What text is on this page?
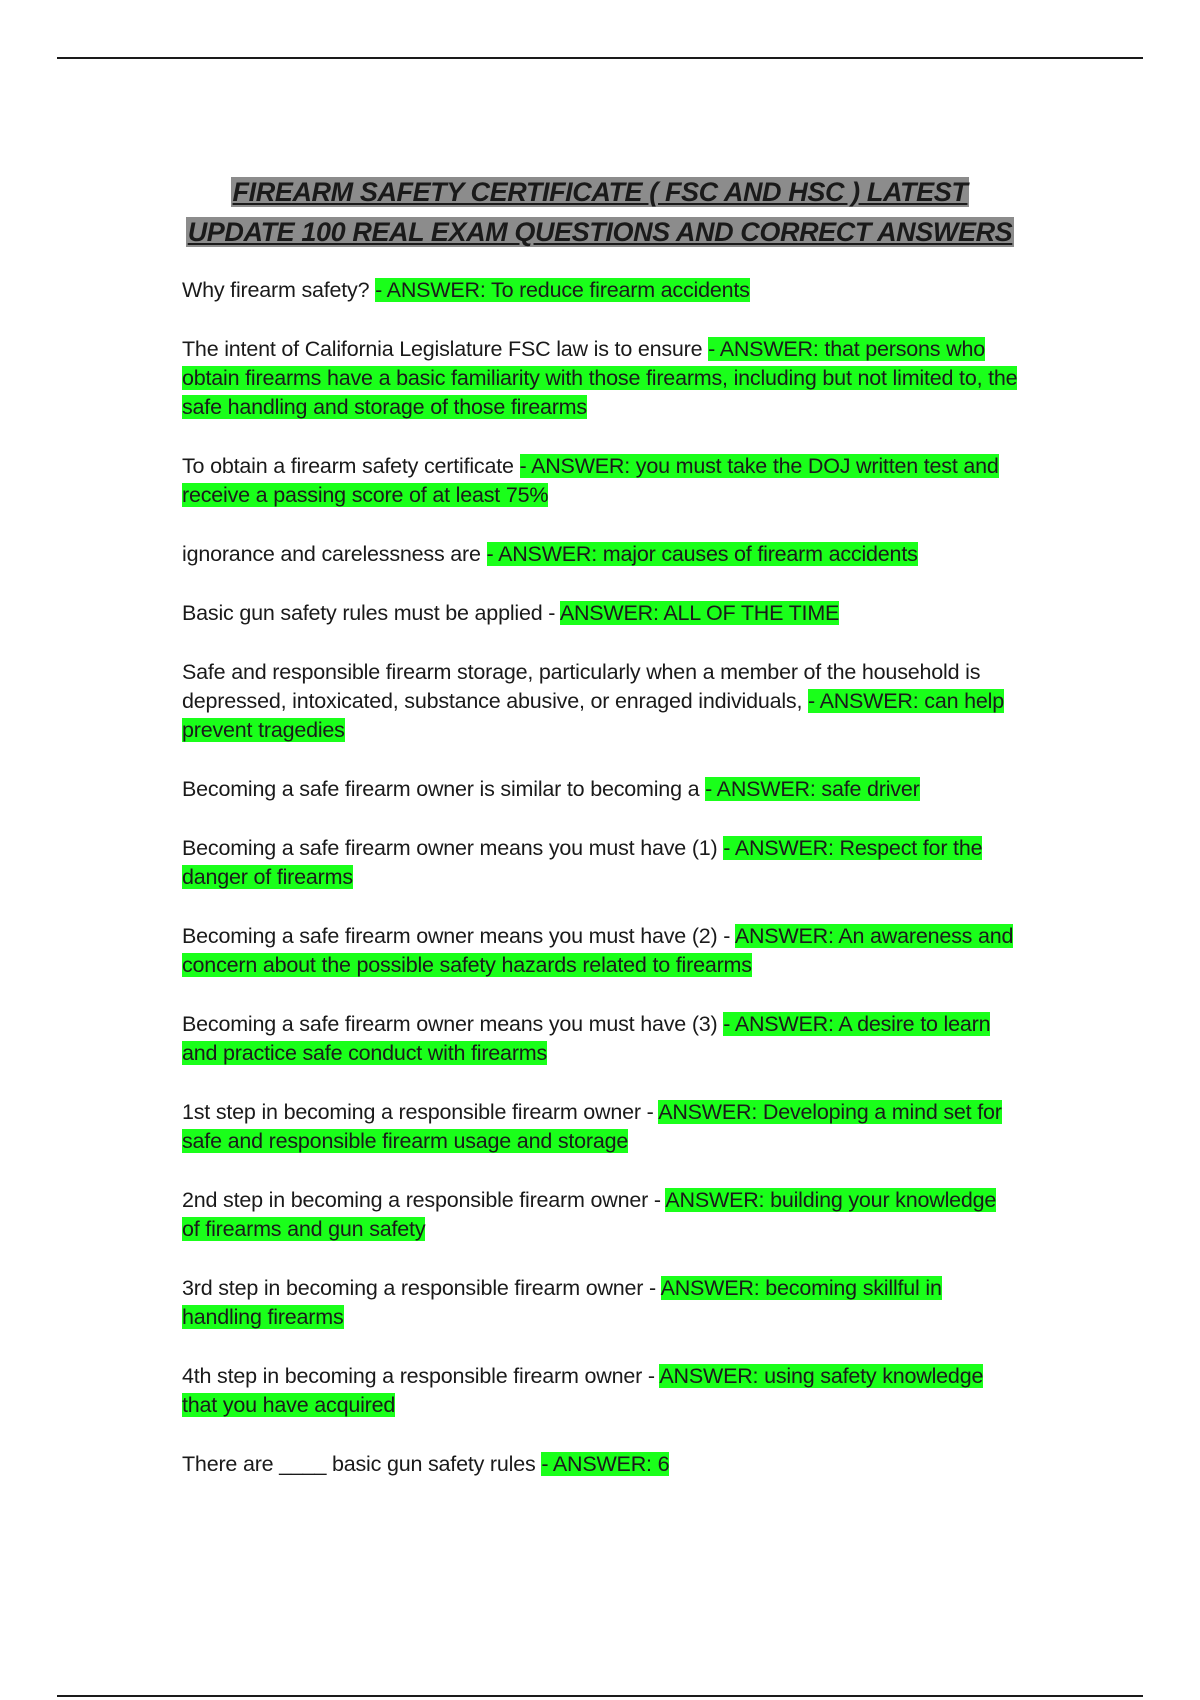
FIREARM SAFETY CERTIFICATE ( FSC AND HSC ) LATEST
UPDATE 100 REAL EXAM QUESTIONS AND CORRECT ANSWERS

Why firearm safety? - ANSWER: To reduce firearm accidents

The intent of California Legislature FSC law is to ensure - ANSWER: that persons who obtain firearms have a basic familiarity with those firearms, including but not limited to, the safe handling and storage of those firearms

To obtain a firearm safety certificate - ANSWER: you must take the DOJ written test and receive a passing score of at least 75%

ignorance and carelessness are - ANSWER: major causes of firearm accidents

Basic gun safety rules must be applied - ANSWER: ALL OF THE TIME

Safe and responsible firearm storage, particularly when a member of the household is depressed, intoxicated, substance abusive, or enraged individuals, - ANSWER: can help prevent tragedies

Becoming a safe firearm owner is similar to becoming a - ANSWER: safe driver

Becoming a safe firearm owner means you must have (1) - ANSWER: Respect for the danger of firearms

Becoming a safe firearm owner means you must have (2) - ANSWER: An awareness and concern about the possible safety hazards related to firearms

Becoming a safe firearm owner means you must have (3) - ANSWER: A desire to learn and practice safe conduct with firearms

1st step in becoming a responsible firearm owner - ANSWER: Developing a mind set for safe and responsible firearm usage and storage

2nd step in becoming a responsible firearm owner - ANSWER: building your knowledge of firearms and gun safety

3rd step in becoming a responsible firearm owner - ANSWER: becoming skillful in handling firearms

4th step in becoming a responsible firearm owner - ANSWER: using safety knowledge that you have acquired

There are ____ basic gun safety rules - ANSWER: 6
